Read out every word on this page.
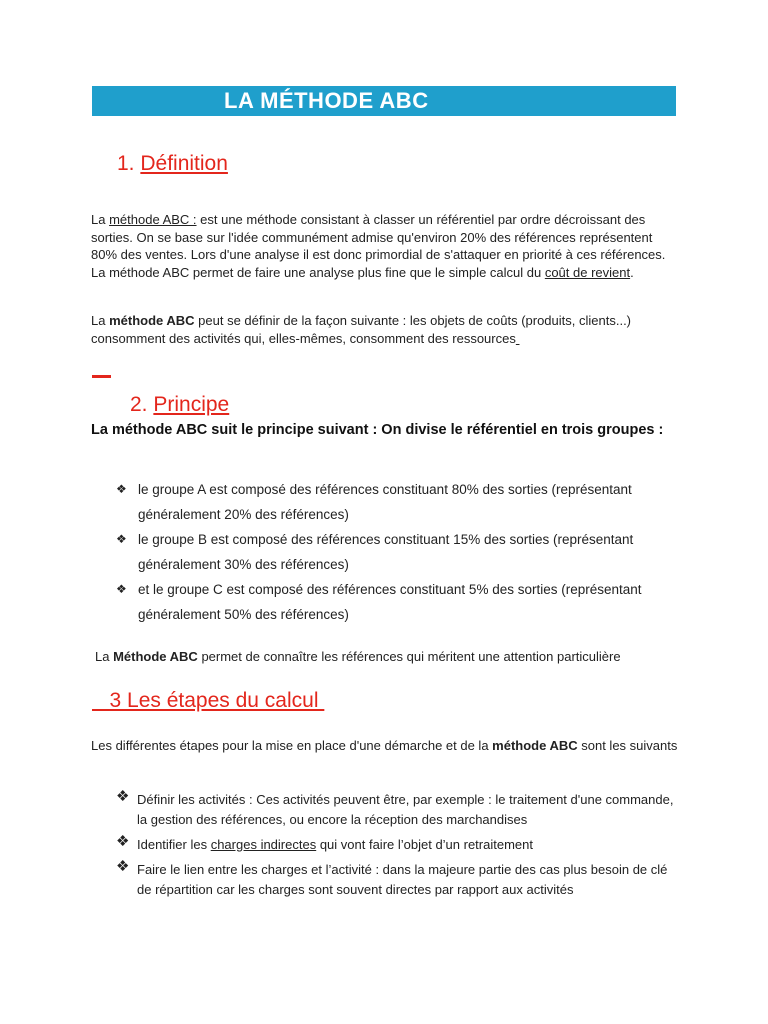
LA MÉTHODE ABC
1. Définition
La méthode ABC : est une méthode consistant à classer un référentiel par ordre décroissant des sorties. On se base sur l'idée communément admise qu'environ 20% des références représentent 80% des ventes. Lors d'une analyse il est donc primordial de s'attaquer en priorité à ces références. La méthode ABC permet de faire une analyse plus fine que le simple calcul du coût de revient.
La méthode ABC peut se définir de la façon suivante : les objets de coûts (produits, clients...) consomment des activités qui, elles-mêmes, consomment des ressources
2. Principe
La méthode ABC suit le principe suivant : On divise le référentiel en trois groupes :
❖ le groupe A est composé des références constituant 80% des sorties (représentant généralement 20% des références)
❖ le groupe B est composé des références constituant 15% des sorties (représentant généralement 30% des références)
❖ et le groupe C est composé des références constituant 5% des sorties (représentant généralement 50% des références)
La Méthode ABC permet de connaître les références qui méritent une attention particulière
3 Les étapes du calcul
Les différentes étapes pour la mise en place d'une démarche et de la méthode ABC sont les suivants
❖ Définir les activités : Ces activités peuvent être, par exemple : le traitement d'une commande, la gestion des références, ou encore la réception des marchandises
❖ Identifier les charges indirectes qui vont faire l’objet d’un retraitement
❖ Faire le lien entre les charges et l’activité : dans la majeure partie des cas plus besoin de clé de répartition car les charges sont souvent directes par rapport aux activités
